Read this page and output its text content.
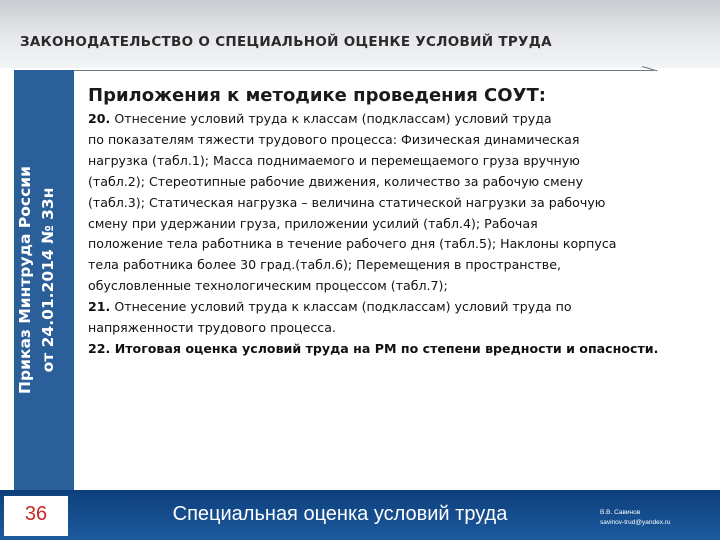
ЗАКОНОДАТЕЛЬСТВО О СПЕЦИАЛЬНОЙ ОЦЕНКЕ УСЛОВИЙ ТРУДА
Приказ Минтруда России от 24.01.2014 № 33н
Приложения к методике проведения СОУТ:
20. Отнесение условий труда к классам (подклассам) условий труда
по показателям тяжести трудового процесса: Физическая динамическая
нагрузка (табл.1); Масса поднимаемого и перемещаемого груза вручную
(табл.2); Стереотипные рабочие движения, количество за рабочую смену
(табл.3); Статическая нагрузка – величина статической нагрузки за рабочую
смену при удержании груза, приложении усилий (табл.4); Рабочая
положение тела работника в течение рабочего дня (табл.5); Наклоны корпуса
тела работника более 30 град.(табл.6); Перемещения в пространстве,
обусловленные технологическим процессом (табл.7);
21. Отнесение условий труда к классам (подклассам) условий труда по
напряженности трудового процесса.
22. Итоговая оценка условий труда на РМ по степени вредности и опасности.
36	Специальная оценка условий труда	В.В. Савинов
savinov-trud@yandex.ru
